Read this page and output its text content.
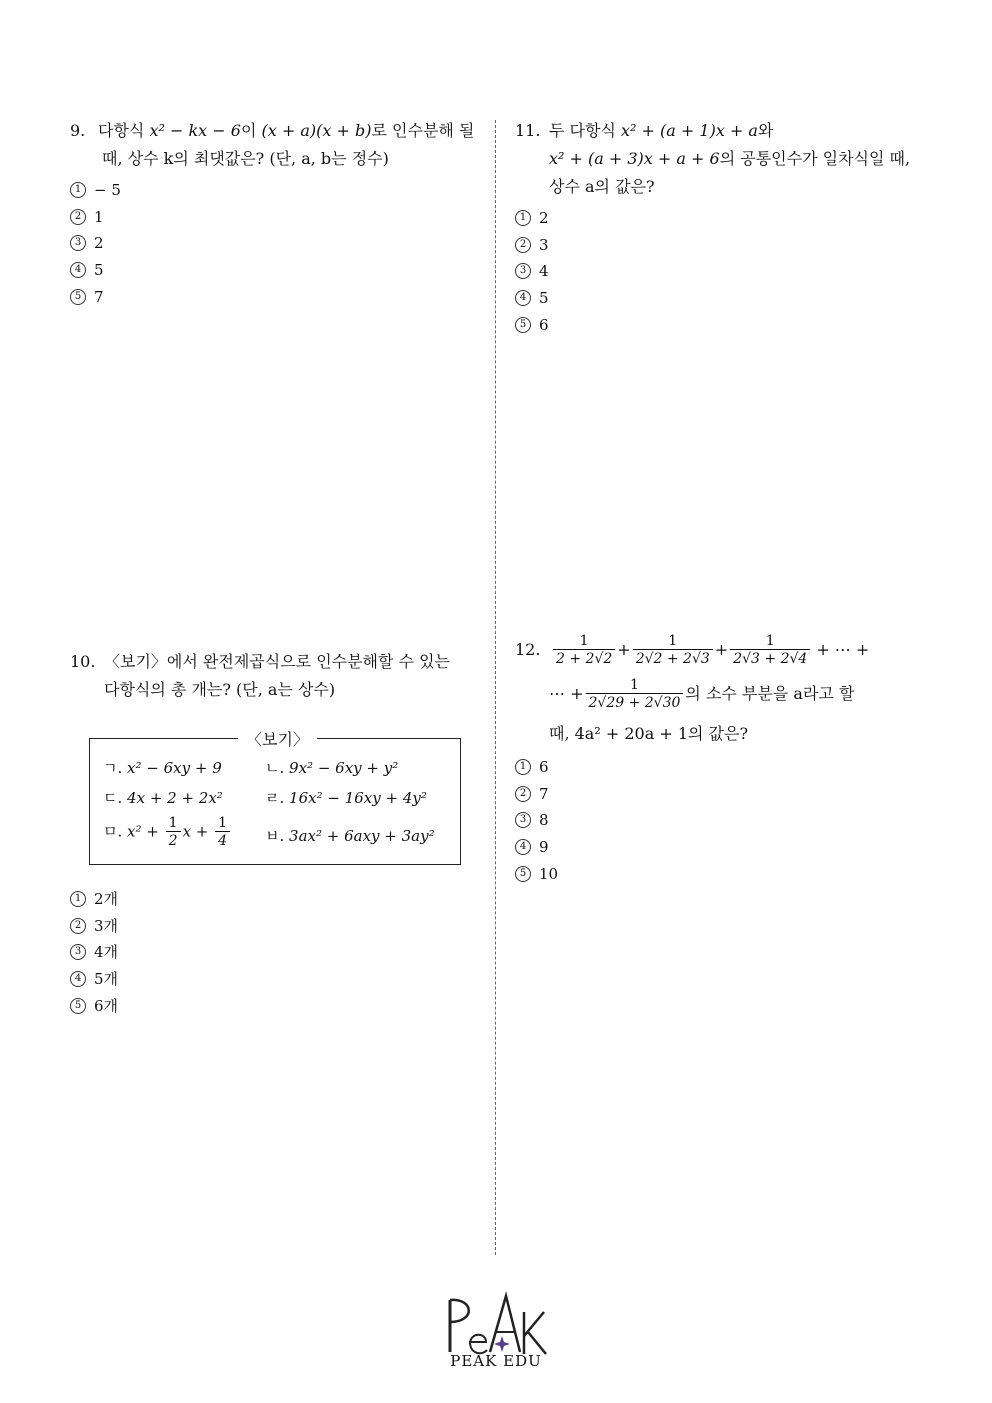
9. 다항식 x² − kx − 6이 (x + a)(x + b)로 인수분해 될
때, 상수 k의 최댓값은? (단, a, b는 정수)
1 − 5
2 1
3 2
4 5
5 7
11. 두 다항식 x² + (a + 1)x + a와
x² + (a + 3)x + a + 6의 공통인수가 일차식일 때,
상수 a의 값은?
1 2
2 3
3 4
4 5
5 6
10. 〈보기〉에서 완전제곱식으로 인수분해할 수 있는
다항식의 총 개는? (단, a는 상수)
〈보기〉
ㄱ. x² − 6xy + 9	ㄴ. 9x² − 6xy + y²
ㄷ. 4x + 2 + 2x²	ㄹ. 16x² − 16xy + 4y²
ㅁ. $x^2 + \frac{1}{2}$ $x + \frac{1}{4}$ ㅂ. 3ax² + 6axy + 3ay²
1 2개
2 3개
3 4개
4 5개
5 6개
12. $\frac{1}{2 + 2√2} + \frac{1}{2√2 + 2√3} + \frac{1}{2√3 + 2√4}$ + ⋯ +
⋯ + $\frac{1}{2√29 + 2√30}$ 의 소수 부분을 a라고 할
때, 4a² + 20a + 1의 값은?
1 6
2 7
3 8
4 9
5 10
PEAK EDU
